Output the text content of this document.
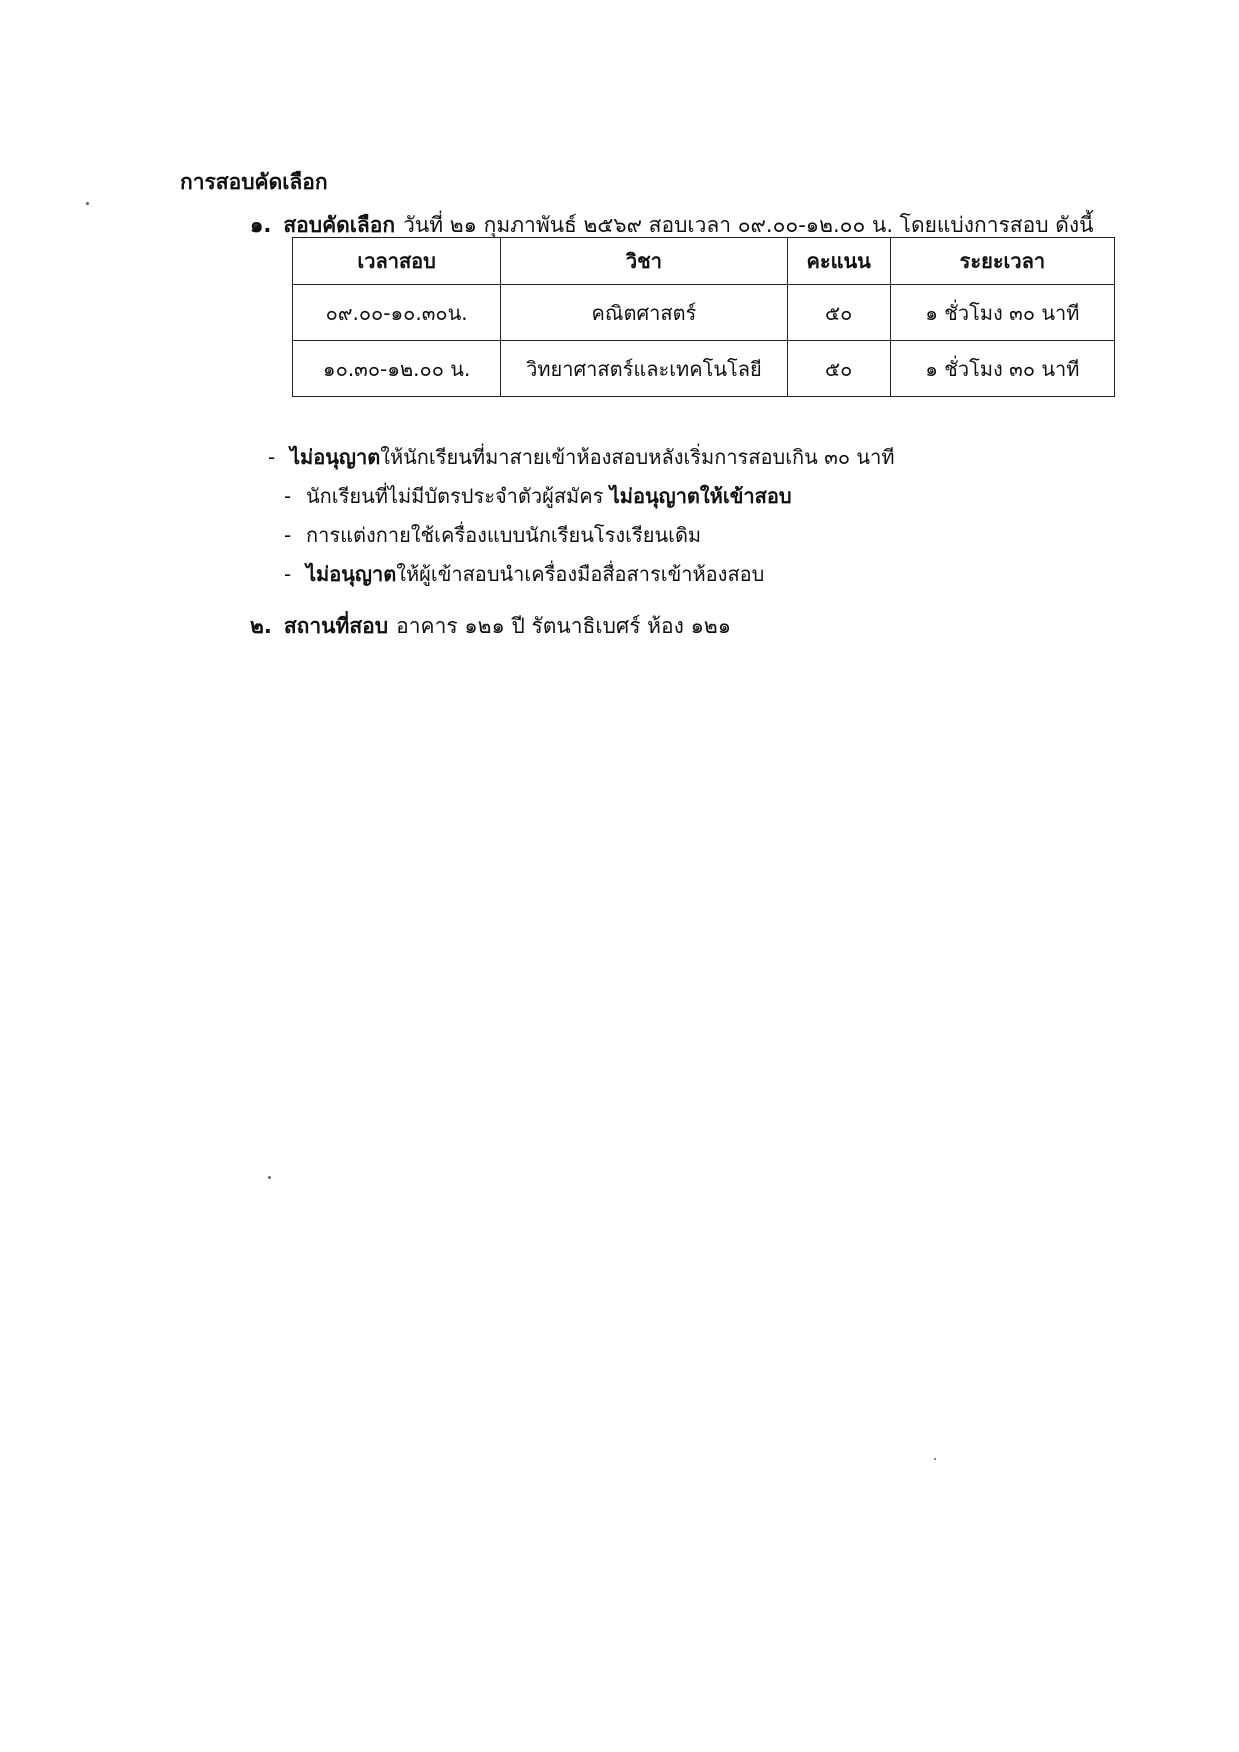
การสอบคัดเลือก
๑. สอบคัดเลือก วันที่ ๒๑ กุมภาพันธ์ ๒๕๖๙ สอบเวลา ๐๙.๐๐-๑๒.๐๐ น. โดยแบ่งการสอบ ดังนี้
เวลาสอบ	วิชา	คะแนน	ระยะเวลา
๐๙.๐๐-๑๐.๓๐น.	คณิตศาสตร์	๕๐	๑ ชั่วโมง ๓๐ นาที
๑๐.๓๐-๑๒.๐๐ น.	วิทยาศาสตร์และเทคโนโลยี	๕๐	๑ ชั่วโมง ๓๐ นาที
- ไม่อนุญาตให้นักเรียนที่มาสายเข้าห้องสอบหลังเริ่มการสอบเกิน ๓๐ นาที
- นักเรียนที่ไม่มีบัตรประจำตัวผู้สมัคร ไม่อนุญาตให้เข้าสอบ
- การแต่งกายใช้เครื่องแบบนักเรียนโรงเรียนเดิม
- ไม่อนุญาตให้ผู้เข้าสอบนำเครื่องมือสื่อสารเข้าห้องสอบ
๒. สถานที่สอบ อาคาร ๑๒๑ ปี รัตนาธิเบศร์ ห้อง ๑๒๑
